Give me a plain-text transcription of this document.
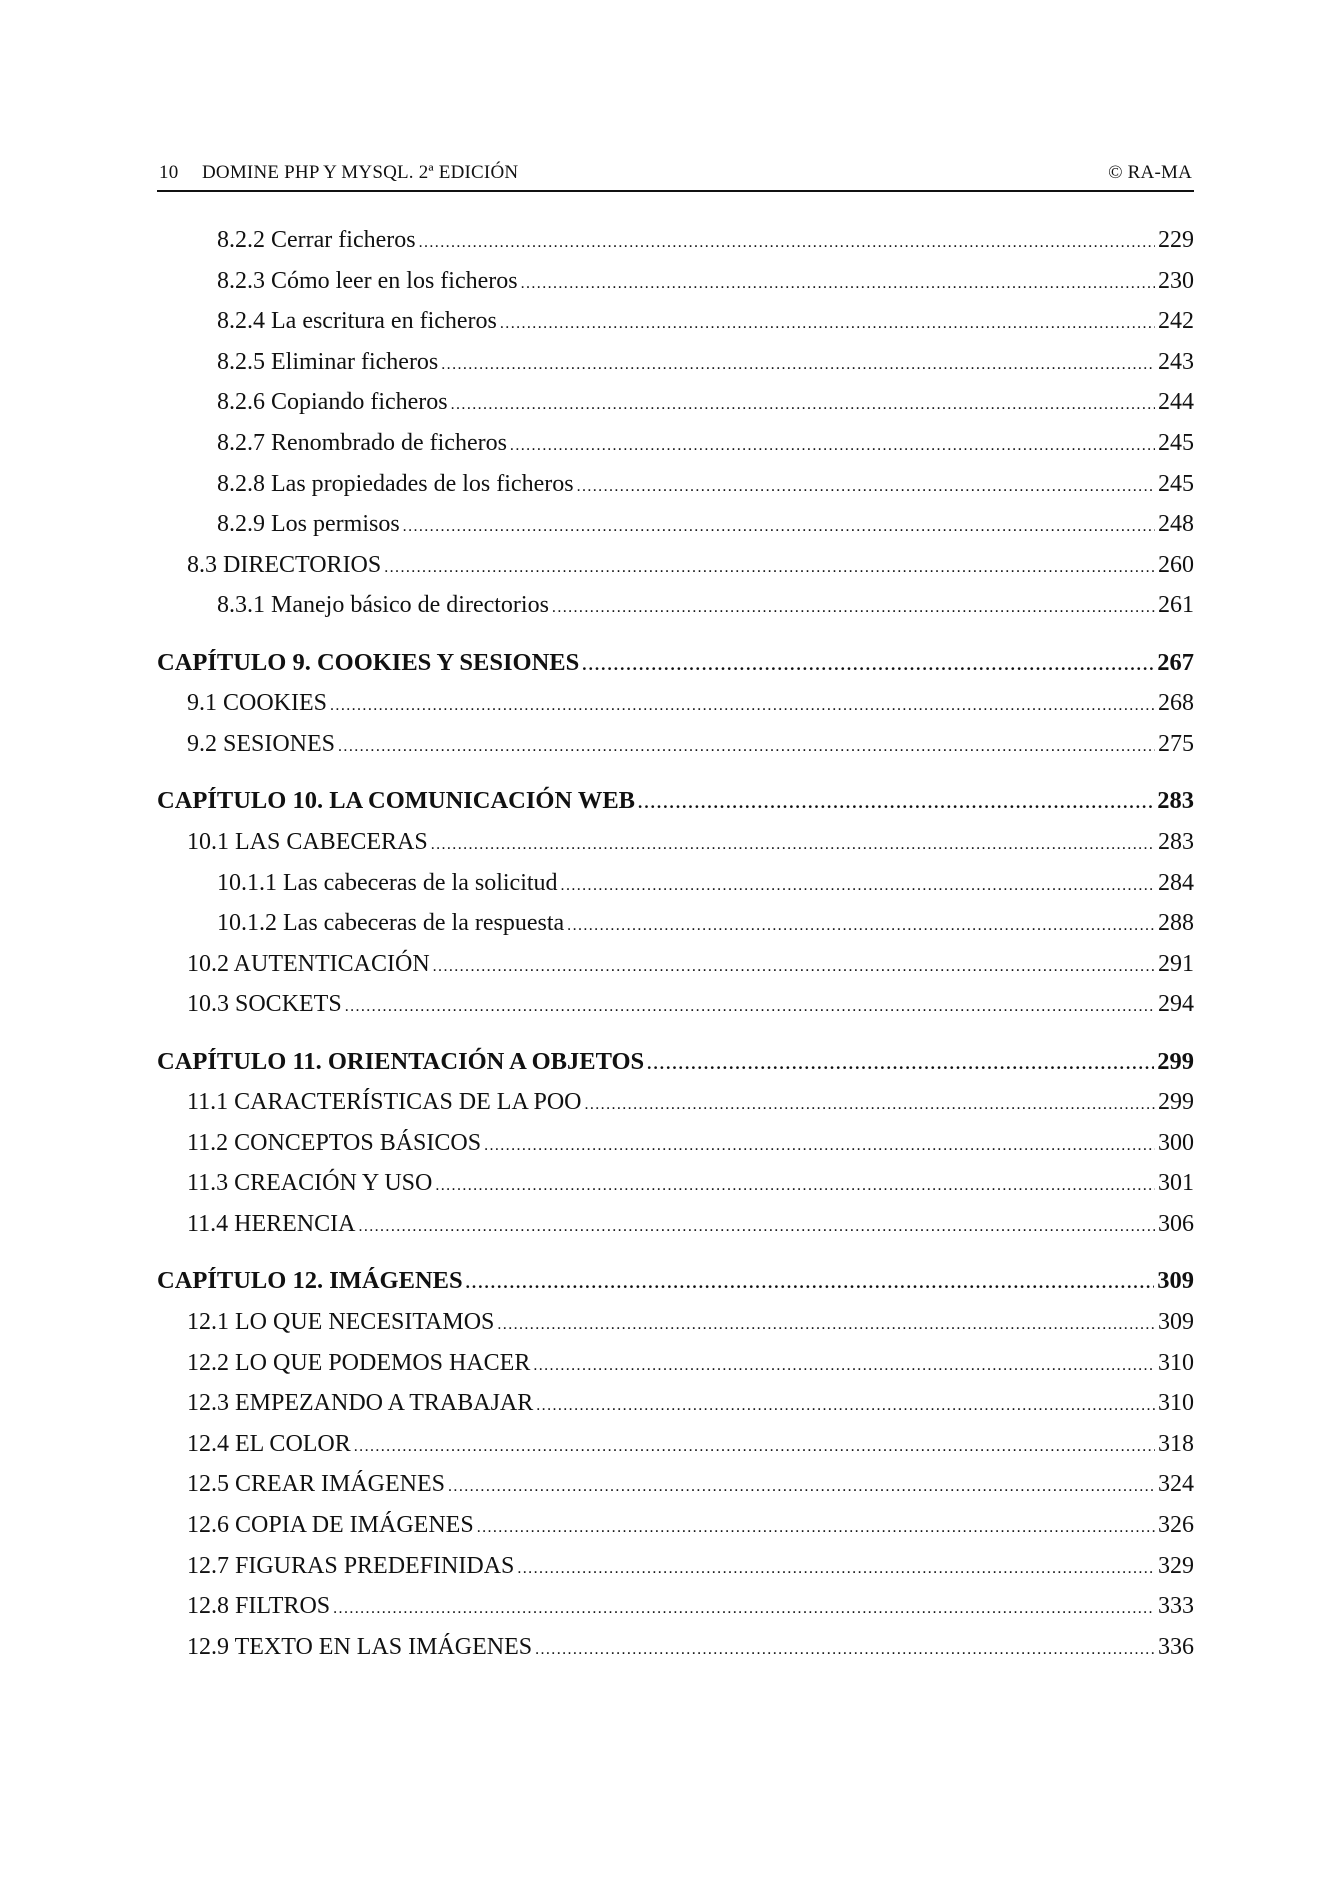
10 DOMINE PHP Y MYSQL. 2ª EDICIÓN	© RA-MA
8.2.2 Cerrar ficheros . . .	229
8.2.3 Cómo leer en los ficheros . . .	230
8.2.4 La escritura en ficheros . . .	242
8.2.5 Eliminar ficheros . . .	243
8.2.6 Copiando ficheros . . .	244
8.2.7 Renombrado de ficheros . . .	245
8.2.8 Las propiedades de los ficheros . . .	245
8.2.9 Los permisos . . .	248
8.3 DIRECTORIOS . . .	260
8.3.1 Manejo básico de directorios . . .	261
CAPÍTULO 9. COOKIES Y SESIONES . . .	267
9.1 COOKIES . . .	268
9.2 SESIONES . . .	275
CAPÍTULO 10. LA COMUNICACIÓN WEB . . .	283
10.1 LAS CABECERAS . . .	283
10.1.1 Las cabeceras de la solicitud . . .	284
10.1.2 Las cabeceras de la respuesta . . .	288
10.2 AUTENTICACIÓN . . .	291
10.3 SOCKETS . . .	294
CAPÍTULO 11. ORIENTACIÓN A OBJETOS . . .	299
11.1 CARACTERÍSTICAS DE LA POO . . .	299
11.2 CONCEPTOS BÁSICOS . . .	300
11.3 CREACIÓN Y USO . . .	301
11.4 HERENCIA . . .	306
CAPÍTULO 12. IMÁGENES . . .	309
12.1 LO QUE NECESITAMOS . . .	309
12.2 LO QUE PODEMOS HACER . . .	310
12.3 EMPEZANDO A TRABAJAR . . .	310
12.4 EL COLOR . . .	318
12.5 CREAR IMÁGENES . . .	324
12.6 COPIA DE IMÁGENES . . .	326
12.7 FIGURAS PREDEFINIDAS . . .	329
12.8 FILTROS . . .	333
12.9 TEXTO EN LAS IMÁGENES . . .	336
